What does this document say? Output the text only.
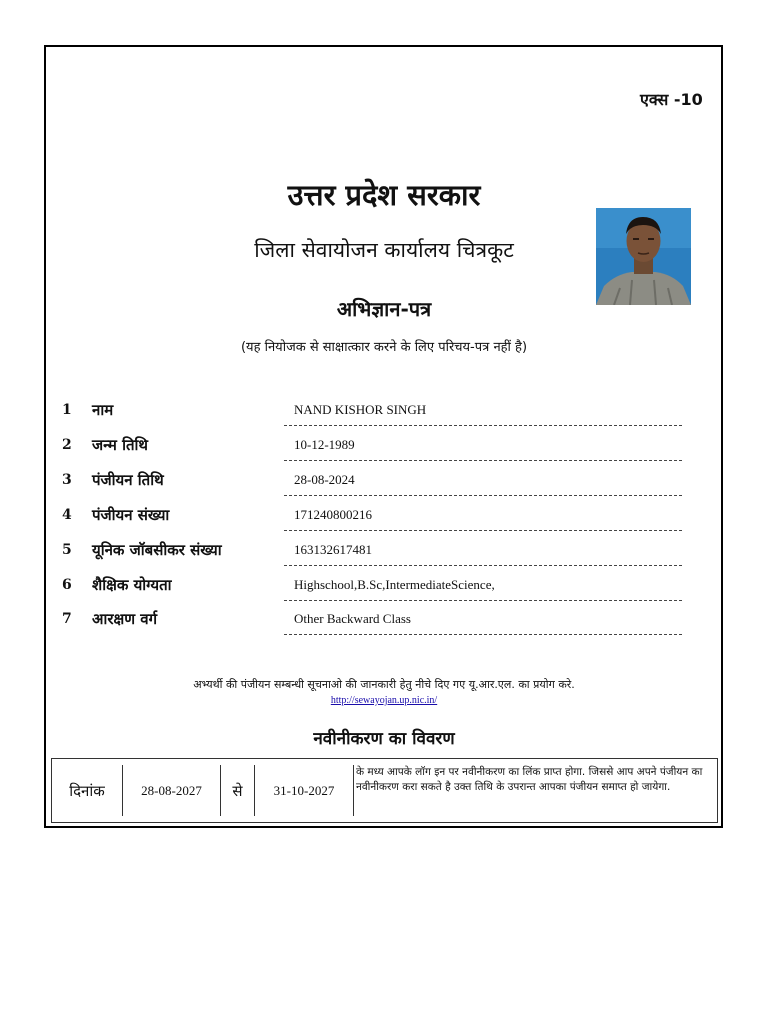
एक्स -10
उत्तर प्रदेश सरकार
जिला सेवायोजन कार्यालय चित्रकूट
अभिज्ञान-पत्र
(यह नियोजक से साक्षात्कार करने के लिए परिचय-पत्र नहीं है)
1 नाम	NAND KISHOR SINGH
2 जन्म तिथि	10-12-1989
3 पंजीयन तिथि	28-08-2024
4 पंजीयन संख्या	171240800216
5 यूनिक जॉबसीकर संख्या	163132617481
6 शैक्षिक योग्यता	Highschool,B.Sc,IntermediateScience,
7 आरक्षण वर्ग	Other Backward Class
अभ्यर्थी की पंजीयन सम्बन्धी सूचनाओ की जानकारी हेतु नीचे दिए गए यू.आर.एल. का प्रयोग करे.
http://sewayojan.up.nic.in/
नवीनीकरण का विवरण
दिनांक	28-08-2027	से	31-10-2027
के मध्य आपके लॉग इन पर नवीनीकरण का लिंक प्राप्त होगा. जिससे आप अपने पंजीयन का नवीनीकरण करा सकते है उक्त तिथि के उपरान्त आपका पंजीयन समाप्त हो जायेगा.
